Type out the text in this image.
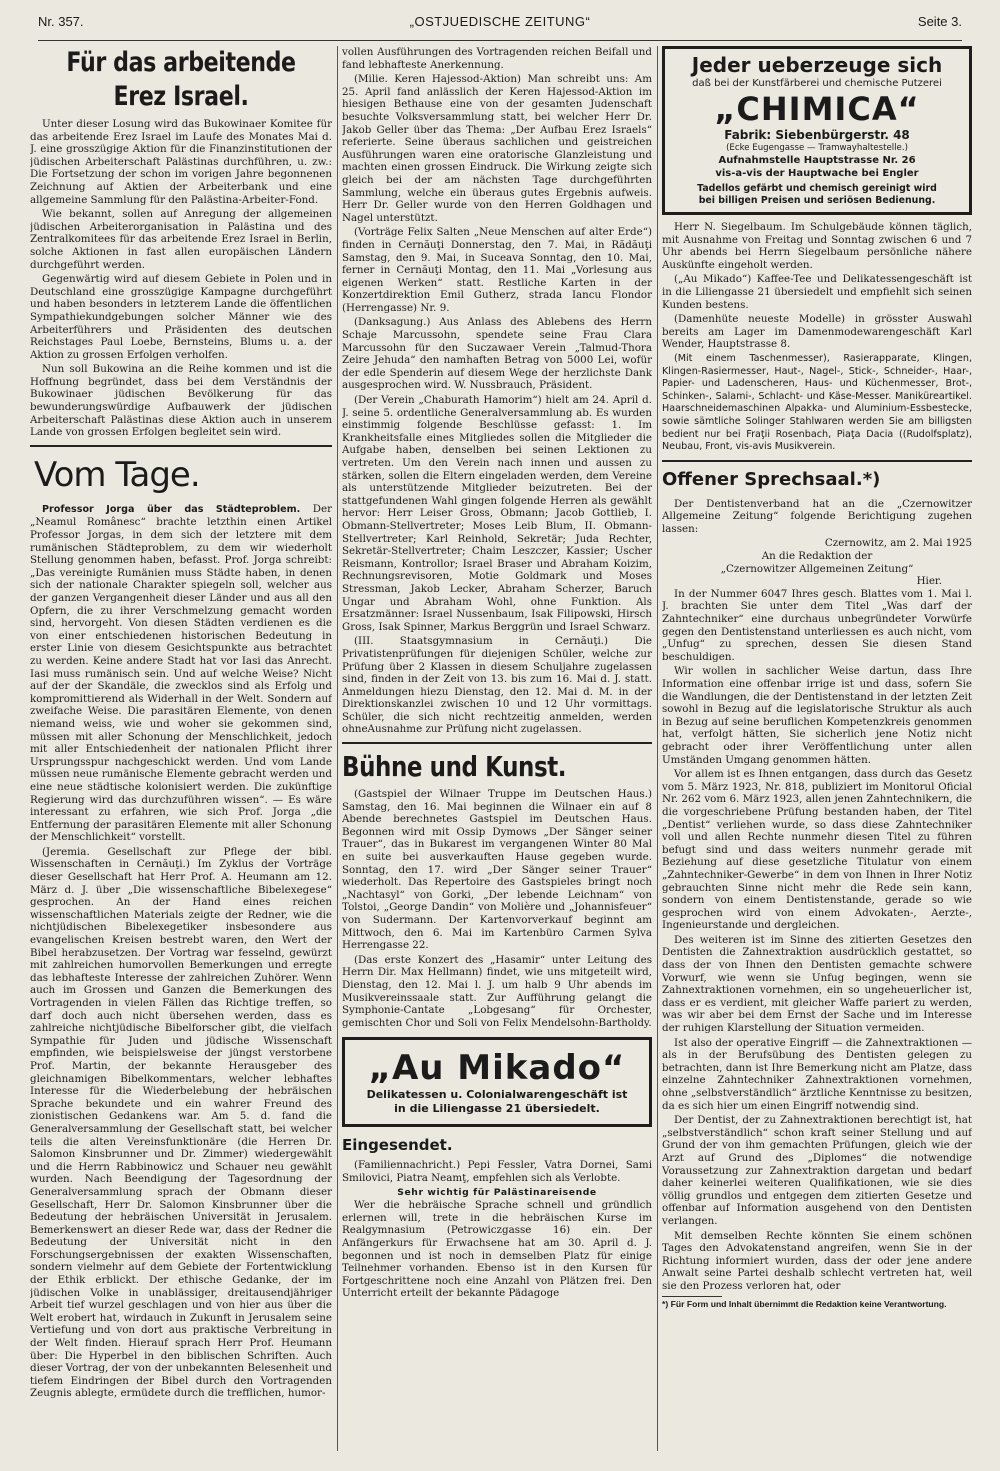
Nr. 357.	„OSTJUEDISCHE ZEITUNG“	Seite 3.
Für das arbeitende Erez Israel.

Unter dieser Losung wird das Bukowinaer Komitee für das arbeitende Erez Israel im Laufe des Monates Mai d. J. eine grosszügige Aktion für die Finanzinstitutionen der jüdischen Arbeiterschaft Palästinas durchführen, u. zw.: Die Fortsetzung der schon im vorigen Jahre begonnenen Zeichnung auf Aktien der Arbeiterbank und eine allgemeine Sammlung für den Palästina-Arbeiter-Fond.

Wie bekannt, sollen auf Anregung der allgemeinen jüdischen Arbeiterorganisation in Palästina und des Zentralkomitees für das arbeitende Erez Israel in Berlin, solche Aktionen in fast allen europäischen Ländern durchgeführt werden.

Gegenwärtig wird auf diesem Gebiete in Polen und in Deutschland eine grosszügige Kampagne durchgeführt und haben besonders in letzterem Lande die öffentlichen Sympathiekundgebungen solcher Männer wie des Arbeiterführers und Präsidenten des deutschen Reichstages Paul Loebe, Bernsteins, Blums u. a. der Aktion zu grossen Erfolgen verholfen.

Nun soll Bukowina an die Reihe kommen und ist die Hoffnung begründet, dass bei dem Verständnis der Bukowinaer jüdischen Bevölkerung für das bewunderungswürdige Aufbauwerk der jüdischen Arbeiterschaft Palästinas diese Aktion auch in unserem Lande von grossen Erfolgen begleitet sein wird.

Vom Tage.

Professor Jorga über das Städteproblem. Der „Neamul Românesc“ brachte letzthin einen Artikel Professor Jorgas, in dem sich der letztere mit dem rumänischen Städteproblem, zu dem wir wiederholt Stellung genommen haben, befasst. Prof. Jorga schreibt: „Das vereinigte Rumänien muss Städte haben, in denen sich der nationale Charakter spiegeln soll, welcher aus der ganzen Vergangenheit dieser Länder und aus all den Opfern, die zu ihrer Verschmelzung gemacht worden sind, hervorgeht. Von diesen Städten verdienen es die von einer entschiedenen historischen Bedeutung in erster Linie von diesem Gesichtspunkte aus betrachtet zu werden. Keine andere Stadt hat vor Iasi das Anrecht. Iasi muss rumänisch sein. Und auf welche Weise? Nicht auf der der Skandäle, die zwecklos sind als Erfolg und kompromittierend als Widerhall in der Welt. Sondern auf zweifache Weise. Die parasitären Elemente, von denen niemand weiss, wie und woher sie gekommen sind, müssen mit aller Schonung der Menschlichkeit, jedoch mit aller Entschiedenheit der nationalen Pflicht ihrer Ursprungsspur nachgeschickt werden. Und vom Lande müssen neue rumänische Elemente gebracht werden und eine neue städtische kolonisiert werden. Die zukünftige Regierung wird das durchzuführen wissen“. — Es wäre interessant zu erfahren, wie sich Prof. Jorga „die Entfernung der parasitären Elemente mit aller Schonung der Menschlichkeit“ vorstellt.

(Jeremia. Gesellschaft zur Pflege der bibl. Wissenschaften in Cernăuţi.) Im Zyklus der Vorträge dieser Gesellschaft hat Herr Prof. A. Heumann am 12. März d. J. über „Die wissenschaftliche Bibelexegese“ gesprochen. An der Hand eines reichen wissenschaftlichen Materials zeigte der Redner, wie die nichtjüdischen Bibelexegetiker insbesondere aus evangelischen Kreisen bestrebt waren, den Wert der Bibel herabzusetzen. Der Vortrag war fesselnd, gewürzt mit zahlreichen humorvollen Bemerkungen und erregte das lebhafteste Interesse der zahlreichen Zuhörer. Wenn auch im Grossen und Ganzen die Bemerkungen des Vortragenden in vielen Fällen das Richtige treffen, so darf doch auch nicht übersehen werden, dass es zahlreiche nichtjüdische Bibelforscher gibt, die vielfach Sympathie für Juden und jüdische Wissenschaft empfinden, wie beispielsweise der jüngst verstorbene Prof. Martin, der bekannte Herausgeber des gleichnamigen Bibelkommentars, welcher lebhaftes Interesse für die Wiederbelebung der hebräischen Sprache bekundete und ein wahrer Freund des zionistischen Gedankens war. Am 5. d. fand die Generalversammlung der Gesellschaft statt, bei welcher teils die alten Vereinsfunktionäre (die Herren Dr. Salomon Kinsbrunner und Dr. Zimmer) wiedergewählt und die Herrn Rabbinowicz und Schauer neu gewählt wurden. Nach Beendigung der Tagesordnung der Generalversammlung sprach der Obmann dieser Gesellschaft, Herr Dr. Salomon Kinsbrunner über die Bedeutung der hebräischen Universität in Jerusalem. Bemerkenswert an dieser Rede war, dass der Redner die Bedeutung der Universität nicht in den Forschungsergebnissen der exakten Wissenschaften, sondern vielmehr auf dem Gebiete der Fortentwicklung der Ethik erblickt. Der ethische Gedanke, der im jüdischen Volke in unablässiger, dreitausendjähriger Arbeit tief wurzel geschlagen und von hier aus über die Welt erobert hat, wirdauch in Zukunft in Jerusalem seine Vertiefung und von dort aus praktische Verbreitung in der Welt finden. Hierauf sprach Herr Prof. Heumann über: Die Hyperbel in den biblischen Schriften. Auch dieser Vortrag, der von der unbekannten Belesenheit und tiefem Eindringen der Bibel durch den Vortragenden Zeugnis ablegte, ermüdete durch die trefflichen, humor-

vollen Ausführungen des Vortragenden reichen Beifall und fand lebhafteste Anerkennung.

(Milie. Keren Hajessod-Aktion) Man schreibt uns: Am 25. April fand anlässlich der Keren Hajessod-Aktion im hiesigen Bethause eine von der gesamten Judenschaft besuchte Volksversammlung statt, bei welcher Herr Dr. Jakob Geller über das Thema: „Der Aufbau Erez Israels“ referierte. Seine überaus sachlichen und geistreichen Ausführungen waren eine oratorische Glanzleistung und machten einen grossen Eindruck. Die Wirkung zeigte sich gleich bei der am nächsten Tage durchgeführten Sammlung, welche ein überaus gutes Ergebnis aufweis. Herr Dr. Geller wurde von den Herren Goldhagen und Nagel unterstützt.

(Vorträge Felix Salten „Neue Menschen auf alter Erde“) finden in Cernăuţi Donnerstag, den 7. Mai, in Rădăuţi Samstag, den 9. Mai, in Suceava Sonntag, den 10. Mai, ferner in Cernăuţi Montag, den 11. Mai „Vorlesung aus eigenen Werken“ statt. Restliche Karten in der Konzertdirektion Emil Gutherz, strada Iancu Flondor (Herrengasse) Nr. 9.

(Danksagung.) Aus Anlass des Ablebens des Herrn Schaje Marcussohn, spendete seine Frau Clara Marcussohn für den Suczawaer Verein „Talmud-Thora Zeire Jehuda“ den namhaften Betrag von 5000 Lei, wofür der edle Spenderin auf diesem Wege der herzlichste Dank ausgesprochen wird. W. Nussbrauch, Präsident.

(Der Verein „Chaburath Hamorim“) hielt am 24. April d. J. seine 5. ordentliche Generalversammlung ab. Es wurden einstimmig folgende Beschlüsse gefasst: 1. Im Krankheitsfalle eines Mitgliedes sollen die Mitglieder die Aufgabe haben, denselben bei seinen Lektionen zu vertreten. Um den Verein nach innen und aussen zu stärken, sollen die Eltern eingeladen werden, dem Vereine als unterstützende Mitglieder beizutreten. Bei der stattgefundenen Wahl gingen folgende Herren als gewählt hervor: Herr Leiser Gross, Obmann; Jacob Gottlieb, I. Obmann-Stellvertreter; Moses Leib Blum, II. Obmann-Stellvertreter; Karl Reinhold, Sekretär; Juda Rechter, Sekretär-Stellvertreter; Chaim Leszczer, Kassier; Uscher Reismann, Kontrollor; Israel Braser und Abraham Koizim, Rechnungsrevisoren, Motie Goldmark und Moses Stressman, Jakob Lecker, Abraham Scherzer, Baruch Ungar und Abraham Wohl, ohne Funktion. Als Ersatzmänner: Israel Nussenbaum, Isak Filipowski, Hirsch Gross, Isak Spinner, Markus Berggrün und Israel Schwarz.

(III. Staatsgymnasium in Cernăuţi.) Die Privatistenprüfungen für diejenigen Schüler, welche zur Prüfung über 2 Klassen in diesem Schuljahre zugelassen sind, finden in der Zeit von 13. bis zum 16. Mai d. J. statt. Anmeldungen hiezu Dienstag, den 12. Mai d. M. in der Direktionskanzlei zwischen 10 und 12 Uhr vormittags. Schüler, die sich nicht rechtzeitig anmelden, werden ohneAusnahme zur Prüfung nicht zugelassen.

Bühne und Kunst.

(Gastspiel der Wilnaer Truppe im Deutschen Haus.) Samstag, den 16. Mai beginnen die Wilnaer ein auf 8 Abende berechnetes Gastspiel im Deutschen Haus. Begonnen wird mit Ossip Dymows „Der Sänger seiner Trauer“, das in Bukarest im vergangenen Winter 80 Mal en suite bei ausverkauften Hause gegeben wurde. Sonntag, den 17. wird „Der Sänger seiner Trauer“ wiederholt. Das Repertoire des Gastspieles bringt noch „Nachtasyl“ von Gorki, „Der lebende Leichnam“ von Tolstoi, „George Dandin“ von Molière und „Johannisfeuer“ von Sudermann. Der Kartenvorverkauf beginnt am Mittwoch, den 6. Mai im Kartenbüro Carmen Sylva Herrengasse 22.

(Das erste Konzert des „Hasamir“ unter Leitung des Herrn Dir. Max Hellmann) findet, wie uns mitgeteilt wird, Dienstag, den 12. Mai l. J. um halb 9 Uhr abends im Musikvereinssaale statt. Zur Aufführung gelangt die Symphonie-Cantate „Lobgesang“ für Orchester, gemischten Chor und Soli von Felix Mendelsohn-Bartholdy.

„Au Mikado“
Delikatessen u. Colonialwarengeschäft ist
in die Liliengasse 21 übersiedelt.
Eingesendet.

(Familiennachricht.) Pepi Fessler, Vatra Dornei, Sami Smilovici, Piatra Neamţ, empfehlen sich als Verlobte.

Sehr wichtig für Palästinareisende

Wer die hebräische Sprache schnell und gründlich erlernen will, trete in die hebräischen Kurse im Realgymnasium (Petrowiczgasse 16) ein. Der Anfängerkurs für Erwachsene hat am 30. April d. J. begonnen und ist noch in demselben Platz für einige Teilnehmer vorhanden. Ebenso ist in den Kursen für Fortgeschrittene noch eine Anzahl von Plätzen frei. Den Unterricht erteilt der bekannte Pädagoge

Jeder ueberzeuge sich
daß bei der Kunstfärberei und chemische Putzerei
„CHIMICA“
Fabrik: Siebenbürgerstr. 48
(Ecke Eugengasse — Tramwayhaltestelle.)
Aufnahmstelle Hauptstrasse Nr. 26
vis-a-vis der Hauptwache bei Engler
Tadellos gefärbt und chemisch gereinigt wird
bei billigen Preisen und seriösen Bedienung.

Herr N. Siegelbaum. Im Schulgebäude können täglich, mit Ausnahme von Freitag und Sonntag zwischen 6 und 7 Uhr abends bei Herrn Siegelbaum persönliche nähere Auskünfte eingeholt werden.

(„Au Mikado“) Kaffee-Tee und Delikatessengeschäft ist in die Liliengasse 21 übersiedelt und empfiehlt sich seinen Kunden bestens.

(Damenhüte neueste Modelle) in grösster Auswahl bereits am Lager im Damenmodewarengeschäft Karl Wender, Hauptstrasse 8.

(Mit einem Taschenmesser), Rasierapparate, Klingen, Klingen-Rasiermesser, Haut-, Nagel-, Stick-, Schneider-, Haar-, Papier- und Ladenscheren, Haus- und Küchenmesser, Brot-, Schinken-, Salami-, Schlacht- und Käse-Messer. Maniküreartikel. Haarschneidemaschinen Alpakka- und Aluminium-Essbestecke, sowie sämtliche Solinger Stahlwaren werden Sie am billigsten bedient nur bei Fraţii Rosenbach, Piaţa Dacia ((Rudolfsplatz), Neubau, Front, vis-avis Musikverein.

Offener Sprechsaal.*)

Der Dentistenverband hat an die „Czernowitzer Allgemeine Zeitung“ folgende Berichtigung zugehen lassen:

Czernowitz, am 2. Mai 1925
An die Redaktion der
„Czernowitzer Allgemeinen Zeitung“
Hier.

In der Nummer 6047 Ihres gesch. Blattes vom 1. Mai l. J. brachten Sie unter dem Titel „Was darf der Zahntechniker“ eine durchaus unbegründeter Vorwürfe gegen den Dentistenstand unterliessen es auch nicht, vom „Unfug“ zu sprechen, dessen Sie diesen Stand beschuldigen.

Wir wollen in sachlicher Weise dartun, dass Ihre Information eine offenbar irrige ist und dass, sofern Sie die Wandlungen, die der Dentistenstand in der letzten Zeit sowohl in Bezug auf die legislatorische Struktur als auch in Bezug auf seine beruflichen Kompetenzkreis genommen hat, verfolgt hätten, Sie sicherlich jene Notiz nicht gebracht oder ihrer Veröffentlichung unter allen Umständen Umgang genommen hätten.

Vor allem ist es Ihnen entgangen, dass durch das Gesetz vom 5. März 1923, Nr. 818, publiziert im Monitorul Oficial Nr. 262 vom 6. März 1923, allen jenen Zahntechnikern, die die vorgeschriebene Prüfung bestanden haben, der Titel „Dentist“ verliehen wurde, so dass diese Zahntechniker voll und allen Rechte nunmehr diesen Titel zu führen befugt sind und dass weiters nunmehr gerade mit Beziehung auf diese gesetzliche Titulatur von einem „Zahntechniker-Gewerbe“ in dem von Ihnen in Ihrer Notiz gebrauchten Sinne nicht mehr die Rede sein kann, sondern von einem Dentistenstande, gerade so wie gesprochen wird von einem Advokaten-, Aerzte-, Ingenieurstande und dergleichen.

Des weiteren ist im Sinne des zitierten Gesetzes den Dentisten die Zahnextraktion ausdrücklich gestattet, so dass der von Ihnen den Dentisten gemachte schwere Vorwurf, wie wenn sie Unfug begingen, wenn sie Zahnextraktionen vornehmen, ein so ungeheuerlicher ist, dass er es verdient, mit gleicher Waffe pariert zu werden, was wir aber bei dem Ernst der Sache und im Interesse der ruhigen Klarstellung der Situation vermeiden.

Ist also der operative Eingriff — die Zahnextraktionen — als in der Berufsübung des Dentisten gelegen zu betrachten, dann ist Ihre Bemerkung nicht am Platze, dass einzelne Zahntechniker Zahnextraktionen vornehmen, ohne „selbstverständlich“ ärztliche Kenntnisse zu besitzen, da es sich hier um einen Eingriff notwendig sind.

Der Dentist, der zu Zahnextraktionen berechtigt ist, hat „selbstverständlich“ schon kraft seiner Stellung und auf Grund der von ihm gemachten Prüfungen, gleich wie der Arzt auf Grund des „Diplomes“ die notwendige Voraussetzung zur Zahnextraktion dargetan und bedarf daher keinerlei weiteren Qualifikationen, wie sie dies völlig grundlos und entgegen dem zitierten Gesetze und offenbar auf Information ausgehend von den Dentisten verlangen.

Mit demselben Rechte könnten Sie einem schönen Tages den Advokatenstand angreifen, wenn Sie in der Richtung informiert wurden, dass der oder jene andere Anwalt seine Partei deshalb schlecht vertreten hat, weil sie den Prozess verloren hat, oder

*) Für Form und Inhalt übernimmt die Redaktion keine Verantwortung.
